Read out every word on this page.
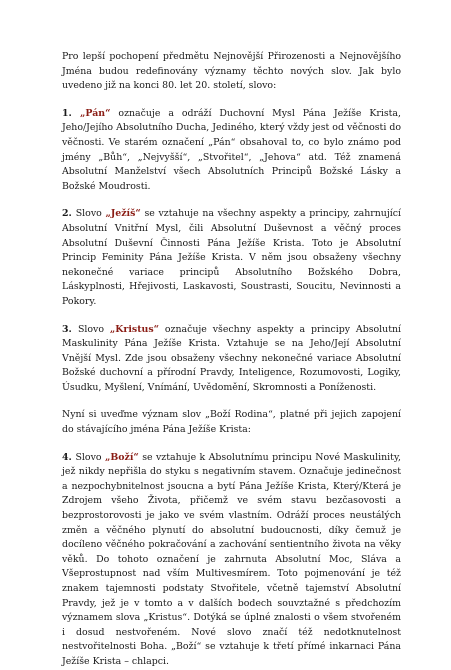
Pro lepší pochopení předmětu Nejnovější Přirozenosti a Nejnovějšího Jména budou redefinovány významy těchto nových slov. Jak bylo uvedeno již na konci 80. let 20. století, slovo:

1. „Pán“ označuje a odráží Duchovní Mysl Pána Ježíše Krista, Jeho/Jejího Absolutního Ducha, Jediného, který vždy jest od věčnosti do věčnosti. Ve starém označení „Pán“ obsahoval to, co bylo známo pod jmény „Bůh“, „Nejvyšší“, „Stvořitel“, „Jehova“ atd. Též znamená Absolutní Manželství všech Absolutních Principů Božské Lásky a Božské Moudrosti.

2. Slovo „Ježíš“ se vztahuje na všechny aspekty a principy, zahrnující Absolutní Vnitřní Mysl, čili Absolutní Duševnost a věčný proces Absolutní Duševní Činnosti Pána Ježíše Krista. Toto je Absolutní Princip Feminity Pána Ježíše Krista. V něm jsou obsaženy všechny nekonečné variace principů Absolutního Božského Dobra, Láskyplnosti, Hřejivosti, Laskavosti, Soustrasti, Soucitu, Nevinnosti a Pokory.

3. Slovo „Kristus“ označuje všechny aspekty a principy Absolutní Maskulinity Pána Ježíše Krista. Vztahuje se na Jeho/Její Absolutní Vnější Mysl. Zde jsou obsaženy všechny nekonečné variace Absolutní Božské duchovní a přírodní Pravdy, Inteligence, Rozumovosti, Logiky, Úsudku, Myšlení, Vnímání, Uvědomění, Skromnosti a Poníženosti.

Nyní si uveďme význam slov „Boží Rodina“, platné při jejich zapojení do stávajícího jména Pána Ježíše Krista:

4. Slovo „Boží“ se vztahuje k Absolutnímu principu Nové Maskulinity, jež nikdy nepřišla do styku s negativním stavem. Označuje jedinečnost a nezpochybnitelnost jsoucna a bytí Pána Ježíše Krista, Který/Která je Zdrojem všeho Života, přičemž ve svém stavu bezčasovosti a bezprostorovosti je jako ve svém vlastním. Odráží proces neustálých změn a věčného plynutí do absolutní budoucnosti, díky čemuž je docíleno věčného pokračování a zachování sentientního života na věky věků. Do tohoto označení je zahrnuta Absolutní Moc, Sláva a Všeprostupnost nad vším Multivesmírem. Toto pojmenování je též znakem tajemnosti podstaty Stvořitele, včetně tajemství Absolutní Pravdy, jež je v tomto a v dalších bodech souvztažné s předchozím významem slova „Kristus“. Dotýká se úplné znalosti o všem stvořeném i dosud nestvořeném. Nové slovo značí též nedotknutelnost nestvořitelnosti Boha. „Boží“ se vztahuje k třetí přímé inkarnaci Pána Ježíše Krista – chlapci.
